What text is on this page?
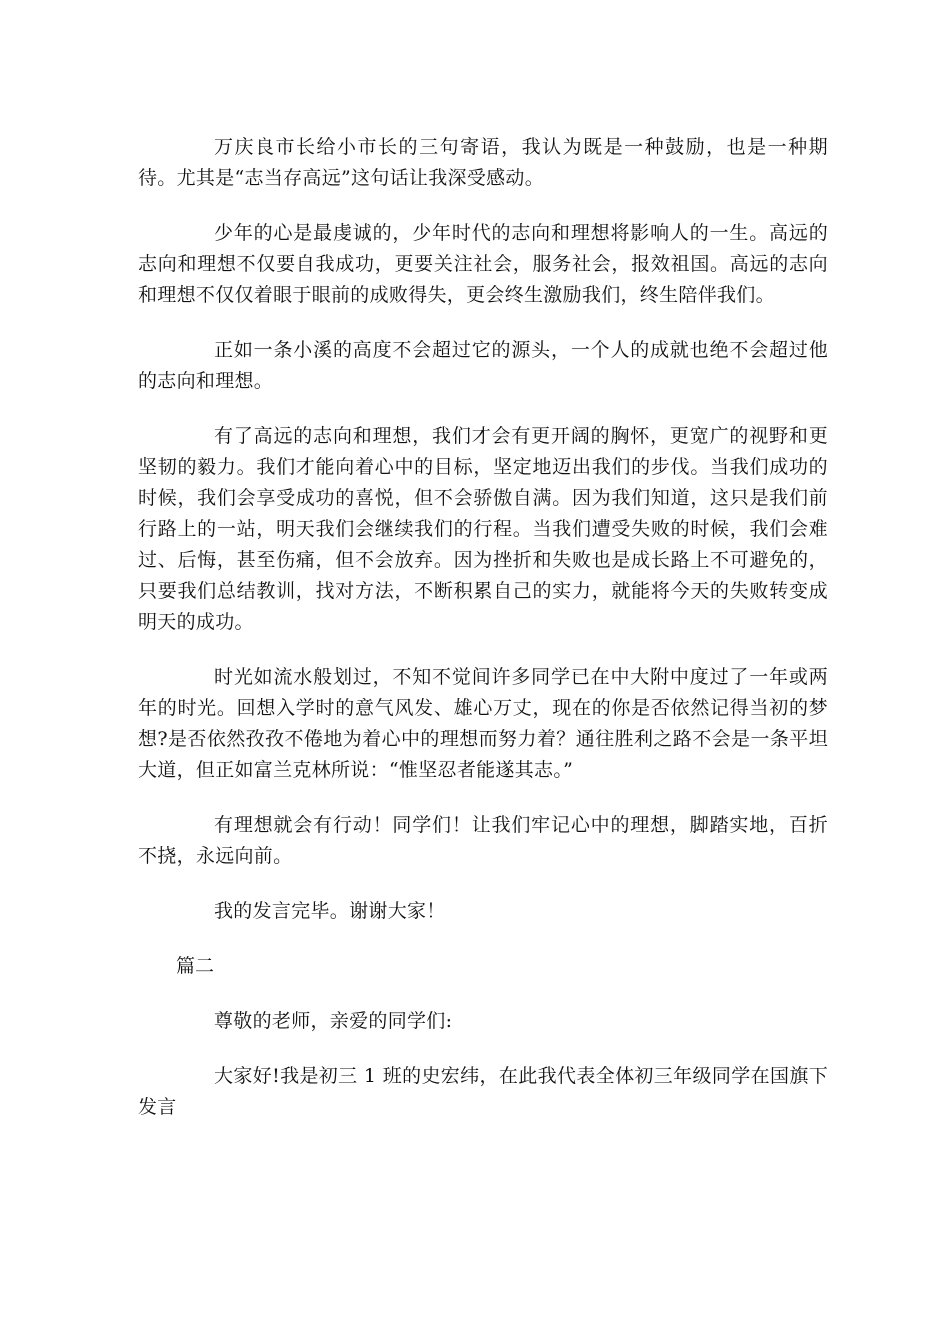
万庆良市长给小市长的三句寄语，我认为既是一种鼓励，也是一种期待。尤其是“志当存高远”这句话让我深受感动。

少年的心是最虔诚的，少年时代的志向和理想将影响人的一生。高远的志向和理想不仅要自我成功，更要关注社会，服务社会，报效祖国。高远的志向和理想不仅仅着眼于眼前的成败得失，更会终生激励我们，终生陪伴我们。

正如一条小溪的高度不会超过它的源头，一个人的成就也绝不会超过他的志向和理想。

有了高远的志向和理想，我们才会有更开阔的胸怀，更宽广的视野和更坚韧的毅力。我们才能向着心中的目标，坚定地迈出我们的步伐。当我们成功的时候，我们会享受成功的喜悦，但不会骄傲自满。因为我们知道，这只是我们前行路上的一站，明天我们会继续我们的行程。当我们遭受失败的时候，我们会难过、后悔，甚至伤痛，但不会放弃。因为挫折和失败也是成长路上不可避免的，只要我们总结教训，找对方法，不断积累自己的实力，就能将今天的失败转变成明天的成功。

时光如流水般划过，不知不觉间许多同学已在中大附中度过了一年或两年的时光。回想入学时的意气风发、雄心万丈，现在的你是否依然记得当初的梦想?是否依然孜孜不倦地为着心中的理想而努力着？通往胜利之路不会是一条平坦大道，但正如富兰克林所说：“惟坚忍者能遂其志。”

有理想就会有行动！同学们！让我们牢记心中的理想，脚踏实地，百折不挠，永远向前。

我的发言完毕。谢谢大家！

篇二

尊敬的老师，亲爱的同学们:

大家好!我是初三 1 班的史宏纬，在此我代表全体初三年级同学在国旗下发言
